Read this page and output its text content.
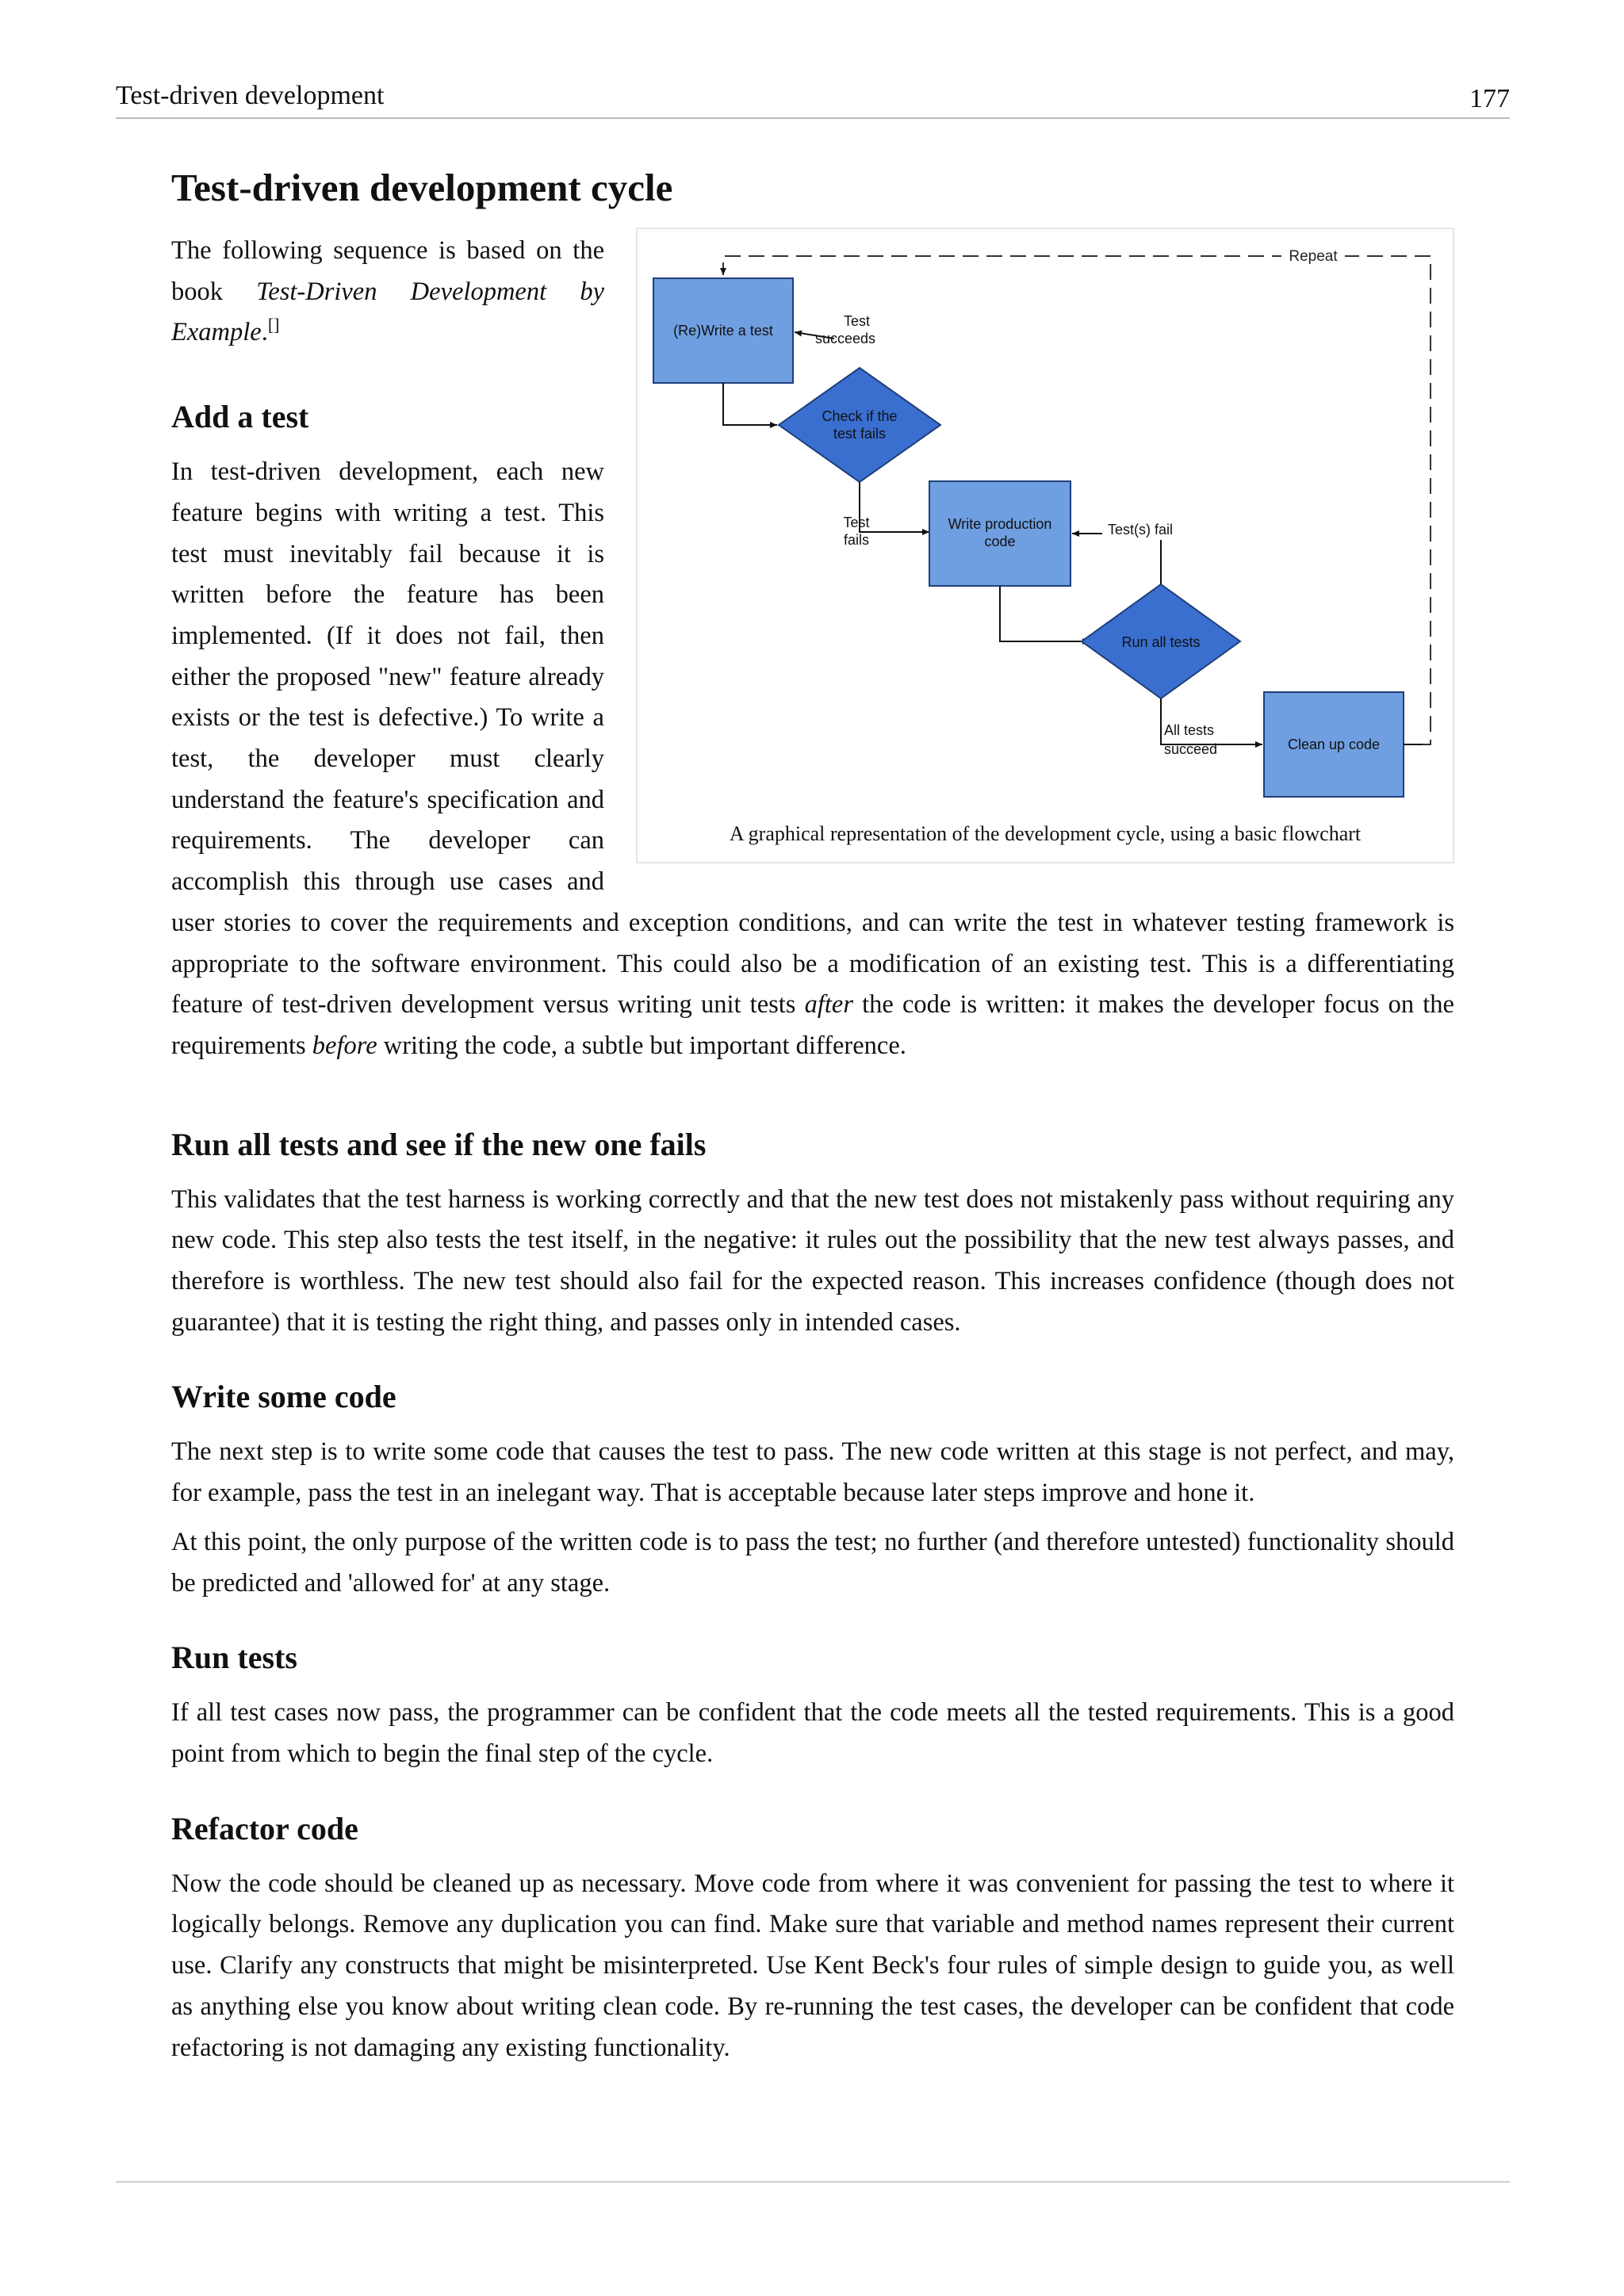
Test-driven development	177
Test-driven development cycle
Repeat
(Re)Write a test
Check if the
test fails
Test
succeeds
Test
fails
Write production
code
Run all tests
Test(s) fail
All tests
succeed	Clean up code
A graphical representation of the development cycle, using a basic flowchart

The following sequence is based on the book Test-Driven Development by Example.[]

Add a test

In test-driven development, each new feature begins with writing a test. This test must inevitably fail because it is written before the feature has been implemented. (If it does not fail, then either the proposed "new" feature already exists or the test is defective.) To write a test, the developer must clearly understand the feature's specification and requirements. The developer can accomplish this through use cases and user stories to cover the requirements and exception conditions, and can write the test in whatever testing framework is appropriate to the software environment. This could also be a modification of an existing test. This is a differentiating feature of test-driven development versus writing unit tests after the code is written: it makes the developer focus on the requirements before writing the code, a subtle but important difference.

Run all tests and see if the new one fails

This validates that the test harness is working correctly and that the new test does not mistakenly pass without requiring any new code. This step also tests the test itself, in the negative: it rules out the possibility that the new test always passes, and therefore is worthless. The new test should also fail for the expected reason. This increases confidence (though does not guarantee) that it is testing the right thing, and passes only in intended cases.

Write some code

The next step is to write some code that causes the test to pass. The new code written at this stage is not perfect, and may, for example, pass the test in an inelegant way. That is acceptable because later steps improve and hone it.

At this point, the only purpose of the written code is to pass the test; no further (and therefore untested) functionality should be predicted and 'allowed for' at any stage.

Run tests

If all test cases now pass, the programmer can be confident that the code meets all the tested requirements. This is a good point from which to begin the final step of the cycle.

Refactor code

Now the code should be cleaned up as necessary. Move code from where it was convenient for passing the test to where it logically belongs. Remove any duplication you can find. Make sure that variable and method names represent their current use. Clarify any constructs that might be misinterpreted. Use Kent Beck's four rules of simple design to guide you, as well as anything else you know about writing clean code. By re-running the test cases, the developer can be confident that code refactoring is not damaging any existing functionality.
